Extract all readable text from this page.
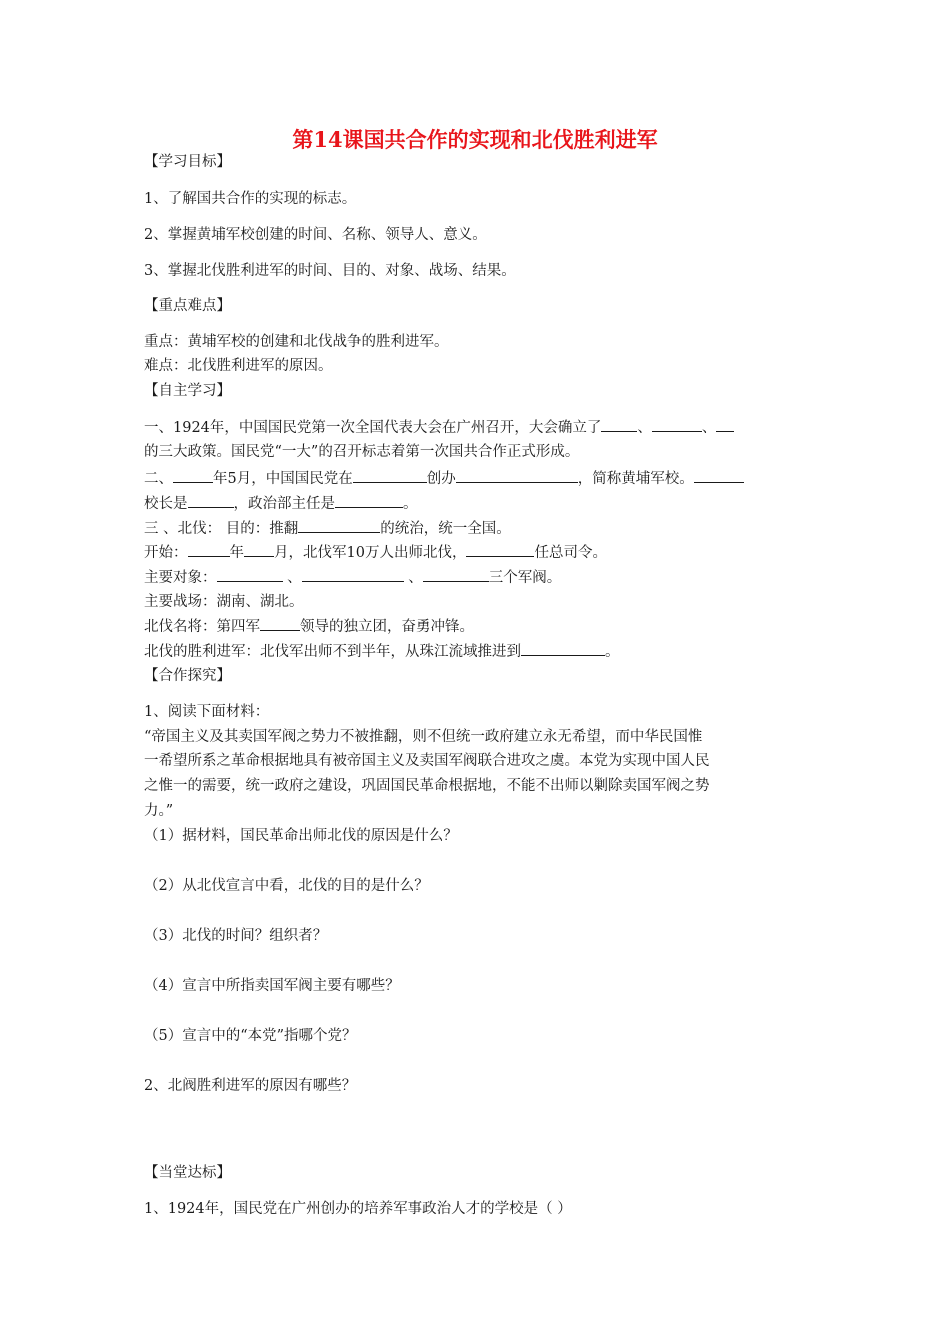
第14课国共合作的实现和北伐胜利进军
【学习目标】
1、了解国共合作的实现的标志。
2、掌握黄埔军校创建的时间、名称、领导人、意义。
3、掌握北伐胜利进军的时间、目的、对象、战场、结果。
【重点难点】
重点：黄埔军校的创建和北伐战争的胜利进军。
难点：北伐胜利进军的原因。
【自主学习】
一、1924年，中国国民党第一次全国代表大会在广州召开，大会确立了 、	、
的三大政策。国民党“一大”的召开标志着第一次国共合作正式形成。
二、	年5月，中国国民党在	创办	，简称黄埔军校。
校长是	，政治部主任是	。
三 、北伐： 目的：推翻	的统治，统一全国。
开始：	年 月，北伐军10万人出师北伐，	任总司令。
主要对象：	、	、	三个军阀。
主要战场：湖南、湖北。
北伐名将：第四军	领导的独立团，奋勇冲锋。
北伐的胜利进军：北伐军出师不到半年，从珠江流域推进到	。
【合作探究】
1、阅读下面材料：
“帝国主义及其卖国军阀之势力不被推翻，则不但统一政府建立永无希望，而中华民国惟
一希望所系之革命根据地具有被帝国主义及卖国军阀联合进攻之虞。本党为实现中国人民
之惟一的需要，统一政府之建设，巩固国民革命根据地，不能不出师以剿除卖国军阀之势
力。”
（1）据材料，国民革命出师北伐的原因是什么？
（2）从北伐宣言中看，北伐的目的是什么？
（3）北伐的时间？组织者？
（4）宣言中所指卖国军阀主要有哪些？
（5）宣言中的“本党”指哪个党？
2、北阀胜利进军的原因有哪些？
【当堂达标】
1、1924年，国民党在广州创办的培养军事政治人才的学校是（ ）
